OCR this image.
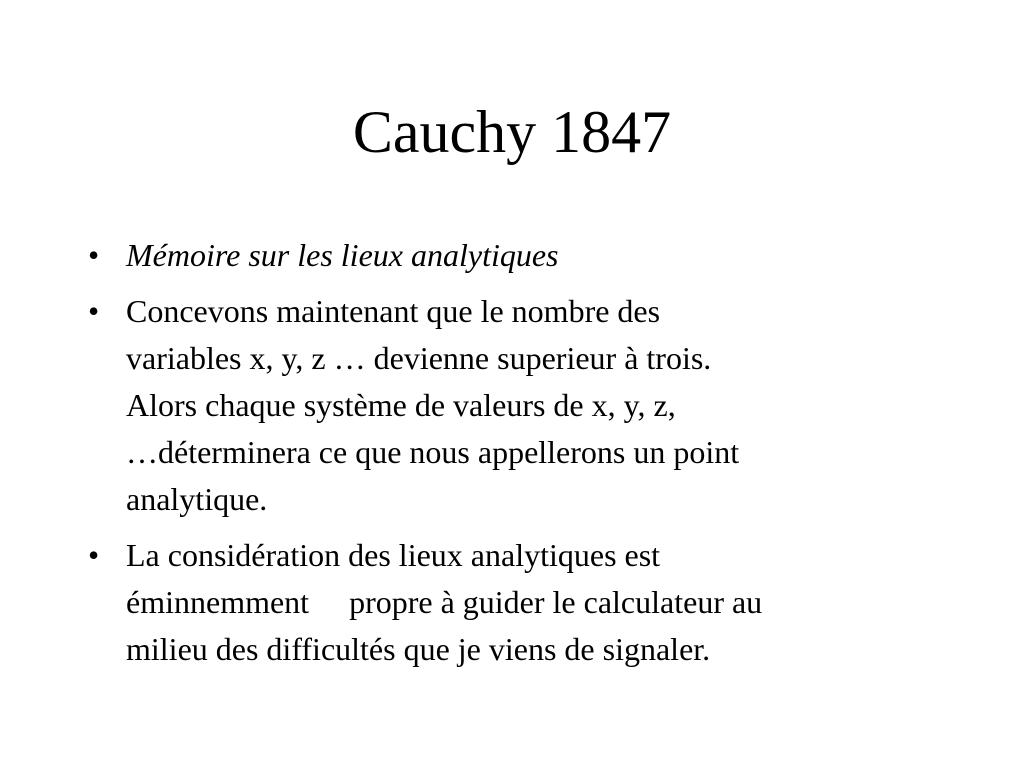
Cauchy 1847
• Mémoire sur les lieux analytiques
• Concevons maintenant que le nombre des
variables x, y, z … devienne superieur à trois.
Alors chaque système de valeurs de x, y, z,
…déterminera ce que nous appellerons un point
analytique.
• La considération des lieux analytiques est
éminnemment     propre à guider le calculateur au
milieu des difficultés que je viens de signaler.
